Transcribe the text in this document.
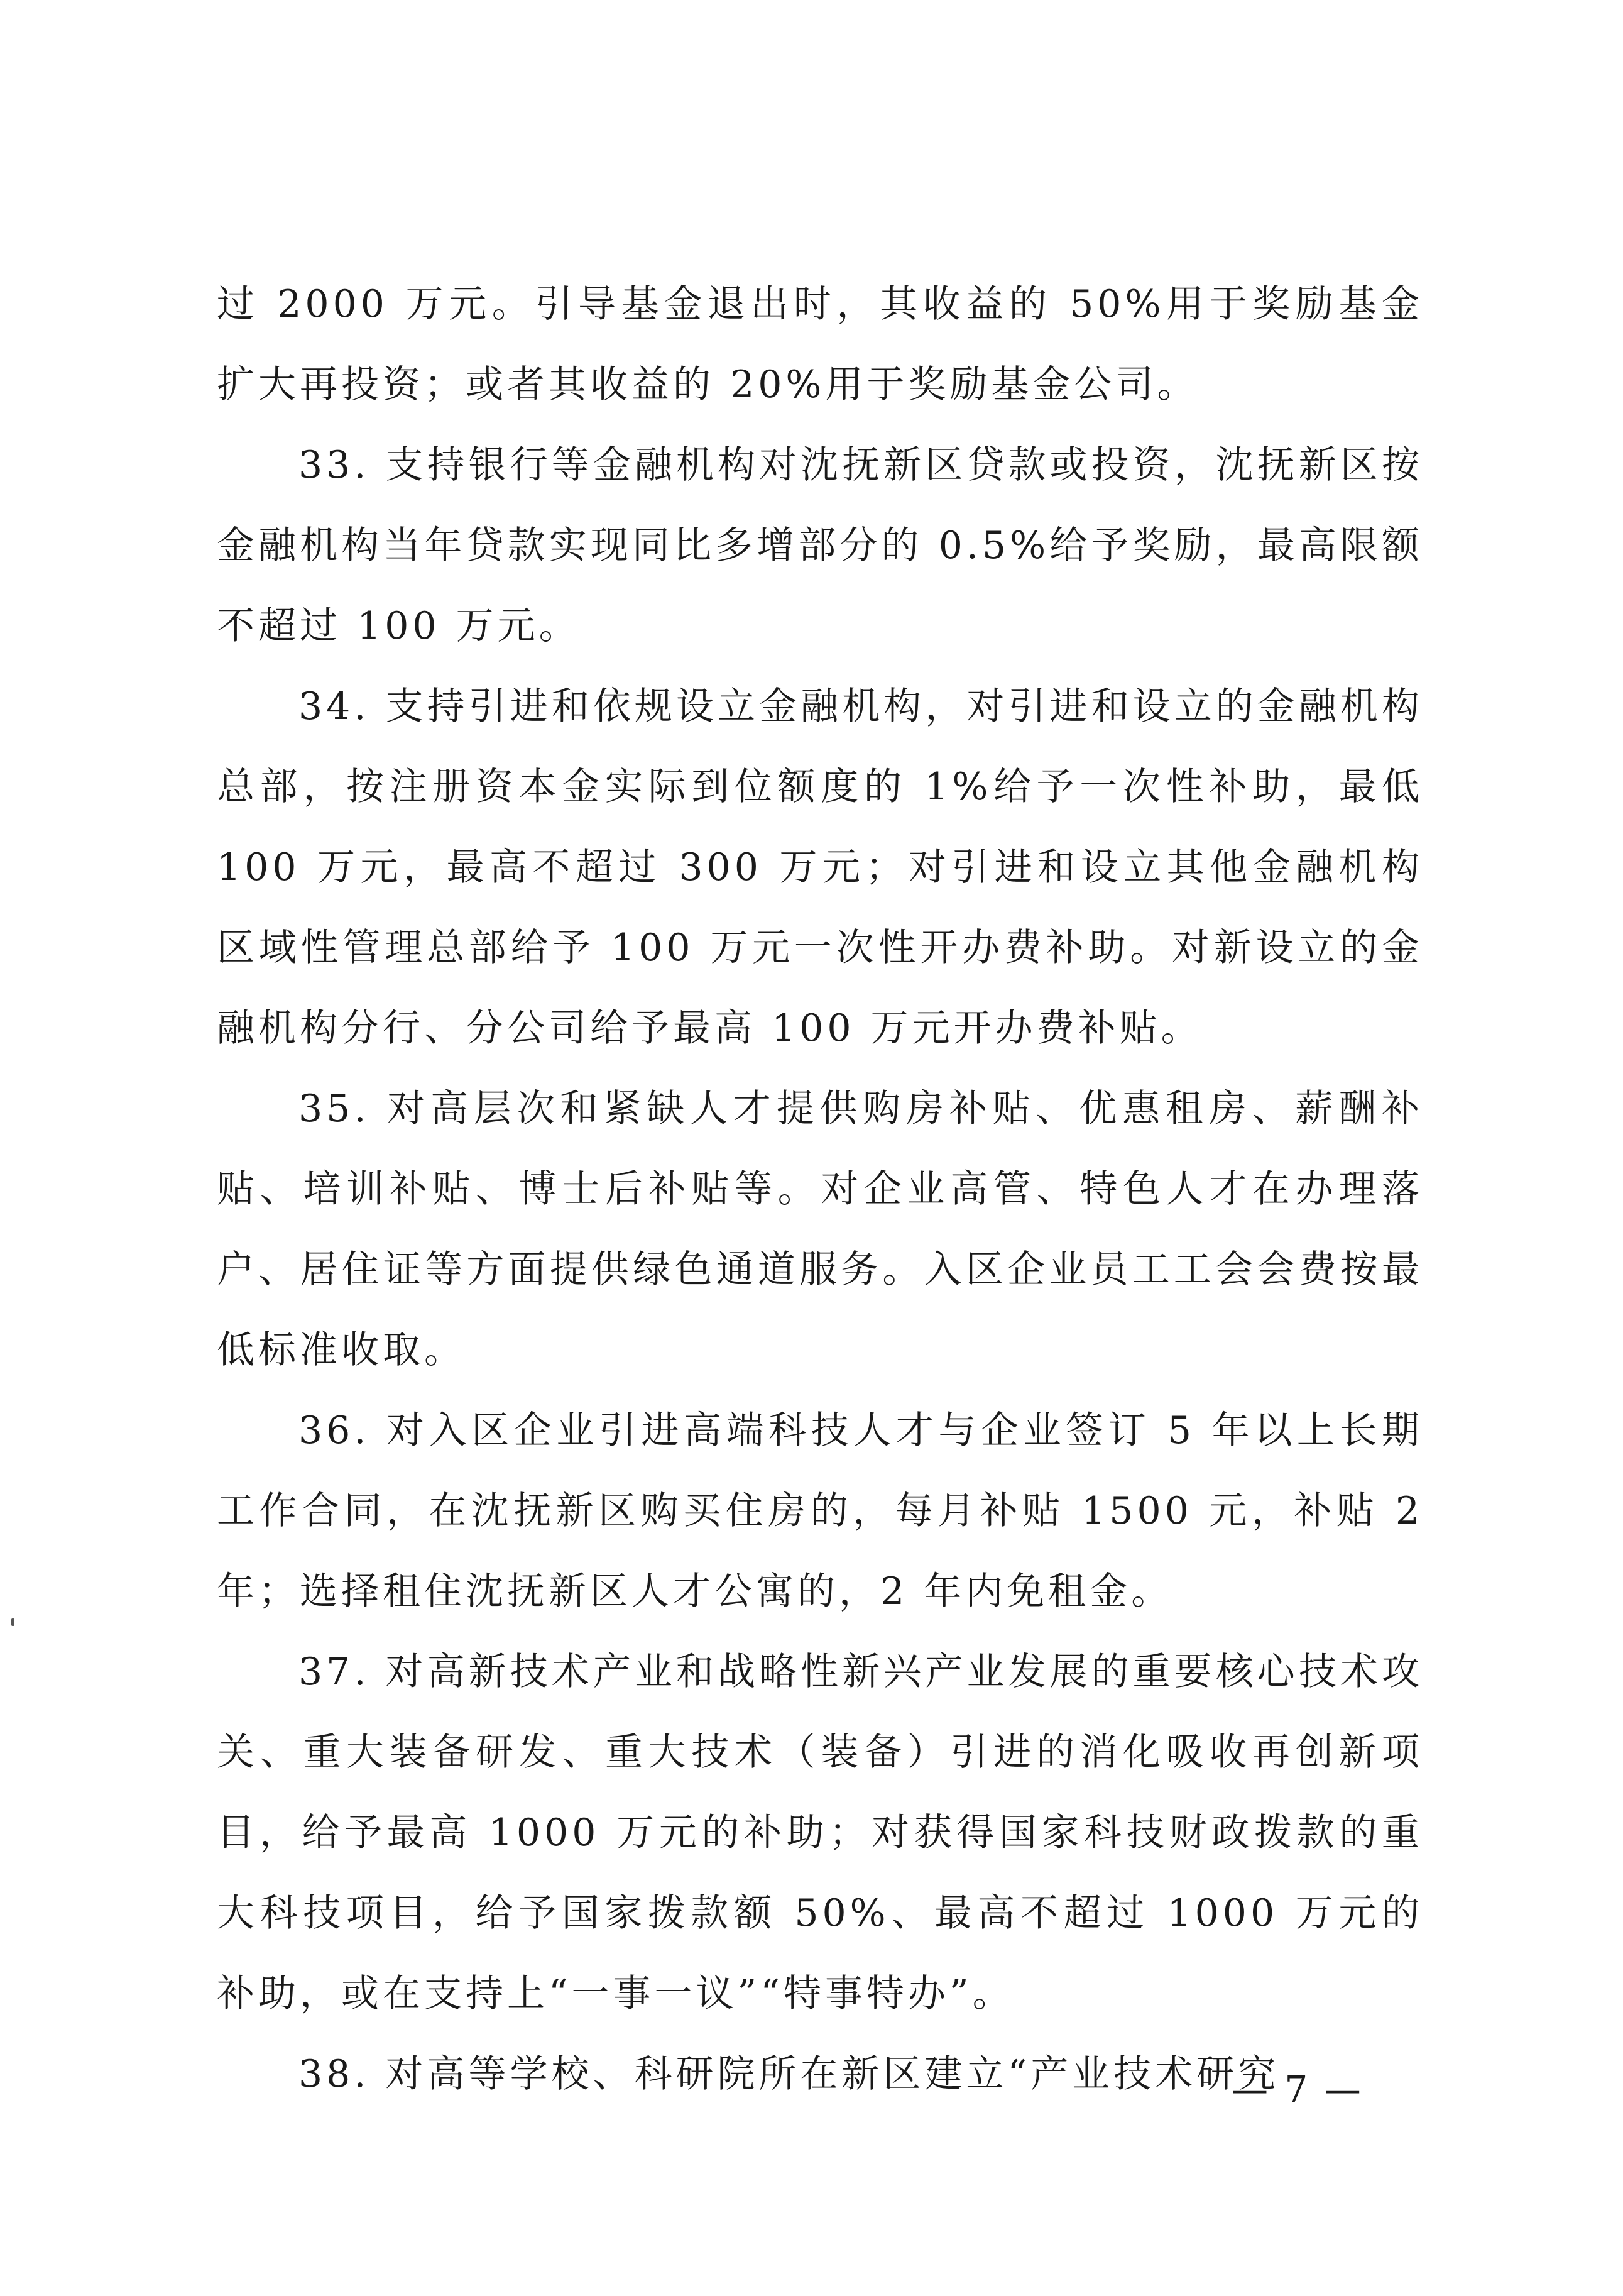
过 2000 万元。引导基金退出时，其收益的 50%用于奖励基金扩大再投资；或者其收益的 20%用于奖励基金公司。

33. 支持银行等金融机构对沈抚新区贷款或投资，沈抚新区按金融机构当年贷款实现同比多增部分的 0.5%给予奖励，最高限额不超过 100 万元。

34. 支持引进和依规设立金融机构，对引进和设立的金融机构总部，按注册资本金实际到位额度的 1%给予一次性补助，最低 100 万元，最高不超过 300 万元；对引进和设立其他金融机构区域性管理总部给予 100 万元一次性开办费补助。对新设立的金融机构分行、分公司给予最高 100 万元开办费补贴。

35. 对高层次和紧缺人才提供购房补贴、优惠租房、薪酬补贴、培训补贴、博士后补贴等。对企业高管、特色人才在办理落户、居住证等方面提供绿色通道服务。入区企业员工工会会费按最低标准收取。

36. 对入区企业引进高端科技人才与企业签订 5 年以上长期工作合同，在沈抚新区购买住房的，每月补贴 1500 元，补贴 2 年；选择租住沈抚新区人才公寓的，2 年内免租金。

37. 对高新技术产业和战略性新兴产业发展的重要核心技术攻关、重大装备研发、重大技术（装备）引进的消化吸收再创新项目，给予最高 1000 万元的补助；对获得国家科技财政拨款的重大科技项目，给予国家拨款额 50%、最高不超过 1000 万元的补助，或在支持上“一事一议”“特事特办”。

38. 对高等学校、科研院所在新区建立“产业技术研究

— 7 —
